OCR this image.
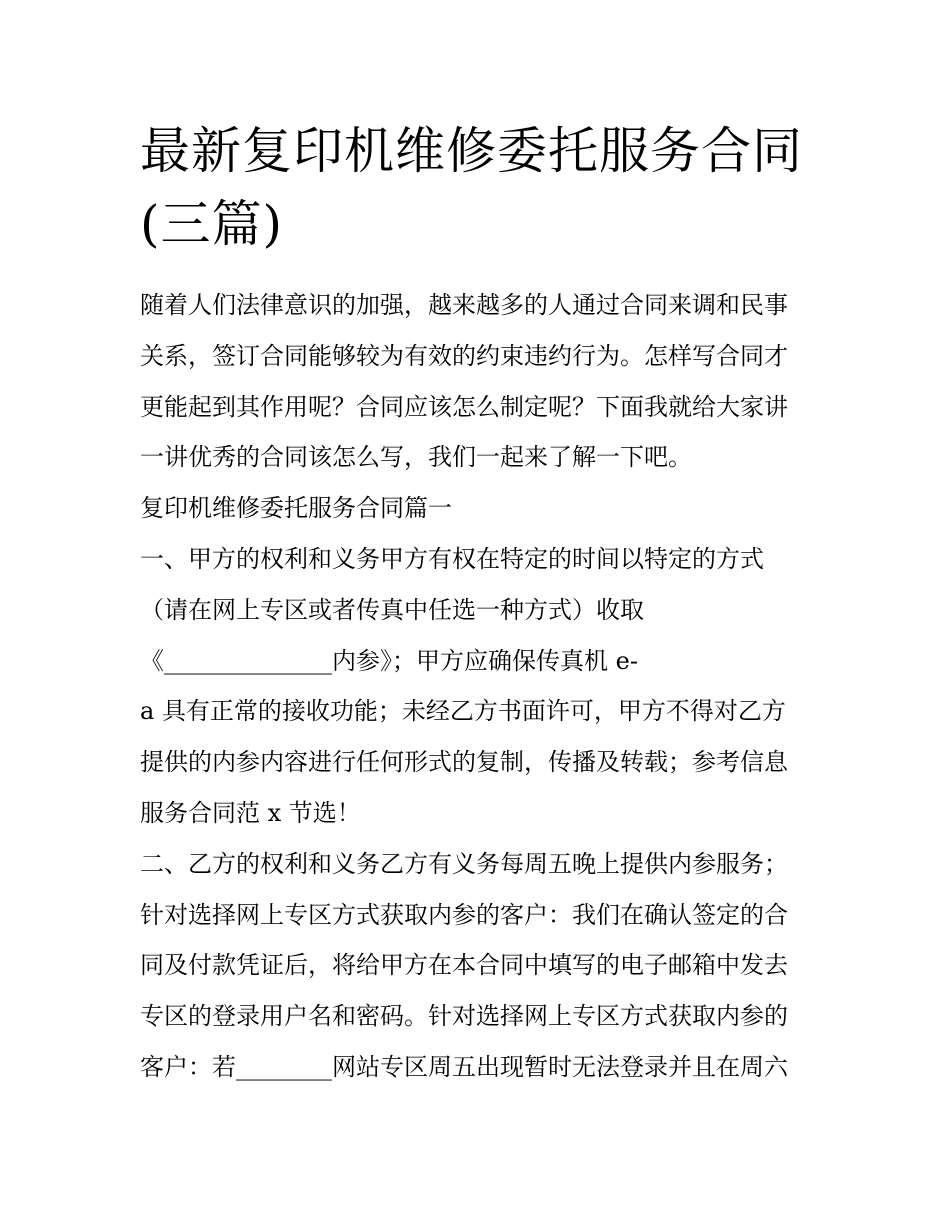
最新复印机维修委托服务合同
(三篇)
随着人们法律意识的加强，越来越多的人通过合同来调和民事
关系，签订合同能够较为有效的约束违约行为。怎样写合同才
更能起到其作用呢？合同应该怎么制定呢？下面我就给大家讲
一讲优秀的合同该怎么写，我们一起来了解一下吧。
复印机维修委托服务合同篇一
一、甲方的权利和义务甲方有权在特定的时间以特定的方式
（请在网上专区或者传真中任选一种方式）收取
《______________内参》；甲方应确保传真机 e-
a 具有正常的接收功能；未经乙方书面许可，甲方不得对乙方
提供的内参内容进行任何形式的复制，传播及转载；参考信息
服务合同范 x 节选！
二、乙方的权利和义务乙方有义务每周五晚上提供内参服务；
针对选择网上专区方式获取内参的客户：我们在确认签定的合
同及付款凭证后，将给甲方在本合同中填写的电子邮箱中发去
专区的登录用户名和密码。针对选择网上专区方式获取内参的
客户：若________网站专区周五出现暂时无法登录并且在周六
